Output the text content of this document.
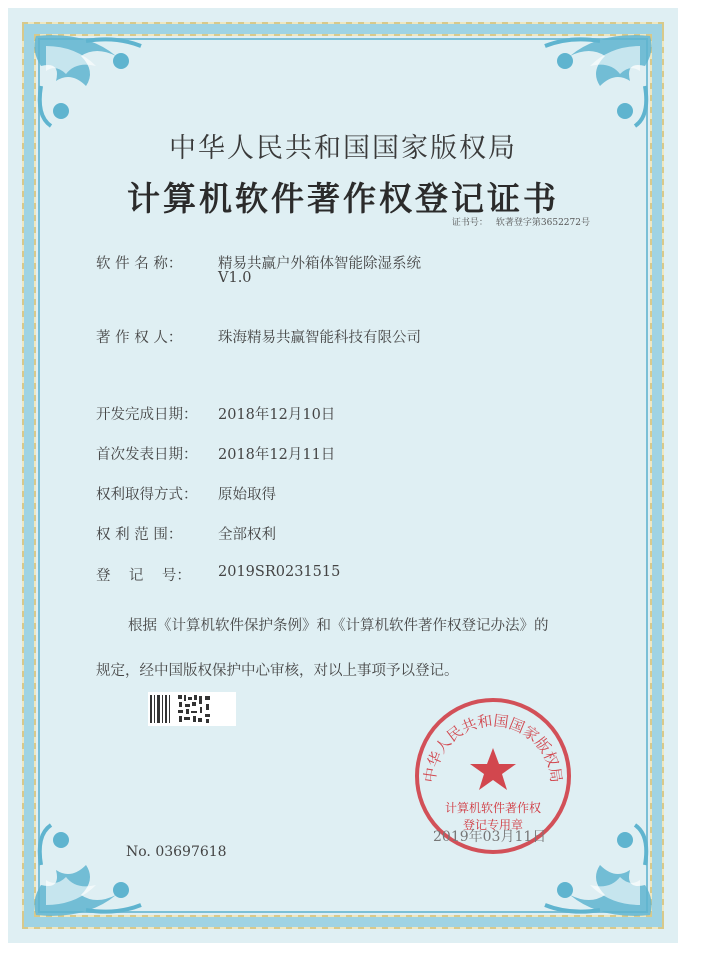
中华人民共和国国家版权局
计算机软件著作权登记证书
证书号： 软著登字第3652272号
软 件 名 称：	精易共赢户外箱体智能除湿系统
V1.0
著 作 权 人：	珠海精易共赢智能科技有限公司
开发完成日期：	2018年12月10日
首次发表日期：	2018年12月11日
权利取得方式：	原始取得
权 利 范 围：	全部权利
登    记    号：	2019SR0231515
根据《计算机软件保护条例》和《计算机软件著作权登记办法》的
规定，经中国版权保护中心审核，对以上事项予以登记。
中华人民共和国国家版权局
计算机软件著作权
登记专用章
2019年03月11日
No. 03697618
